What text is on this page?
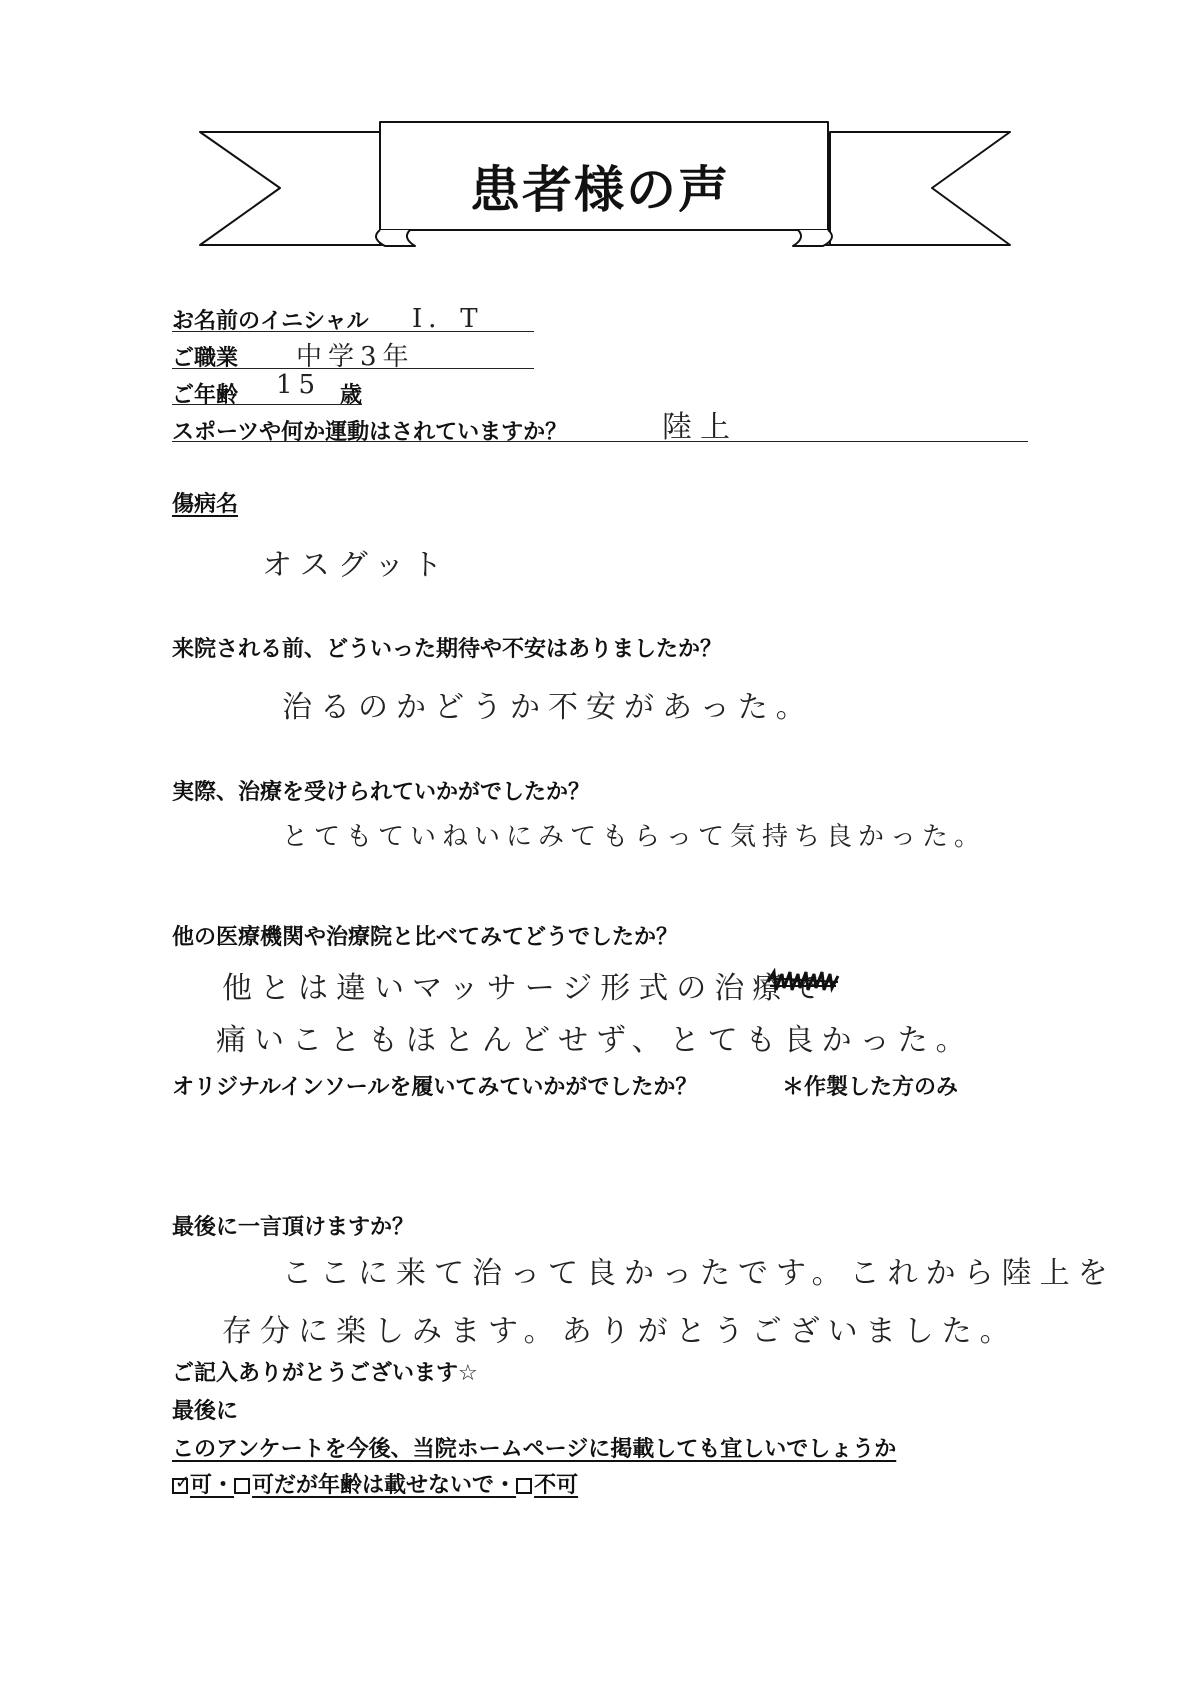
患者様の声
お名前のイニシャル I．T
ご職業 中学3年
ご年齢 15 歳
スポーツや何か運動はされていますか？	陸上
傷病名
オスグット
来院される前、どういった期待や不安はありましたか？
治るのかどうか不安があった。
実際、治療を受けられていかがでしたか？
とてもていねいにみてもらって気持ち良かった。
他の医療機関や治療院と比べてみてどうでしたか？
他とは違いマッサージ形式の治療で
痛いこともほとんどせず、とても良かった。
オリジナルインソールを履いてみていかがでしたか？	＊作製した方のみ
最後に一言頂けますか？
ここに来て治って良かったです。これから陸上を
存分に楽しみます。ありがとうございました。
ご記入ありがとうございます☆
最後に
このアンケートを今後、当院ホームページに掲載しても宜しいでしょうか
✓ 可・ 可だが年齢は載せないで・ 不可
